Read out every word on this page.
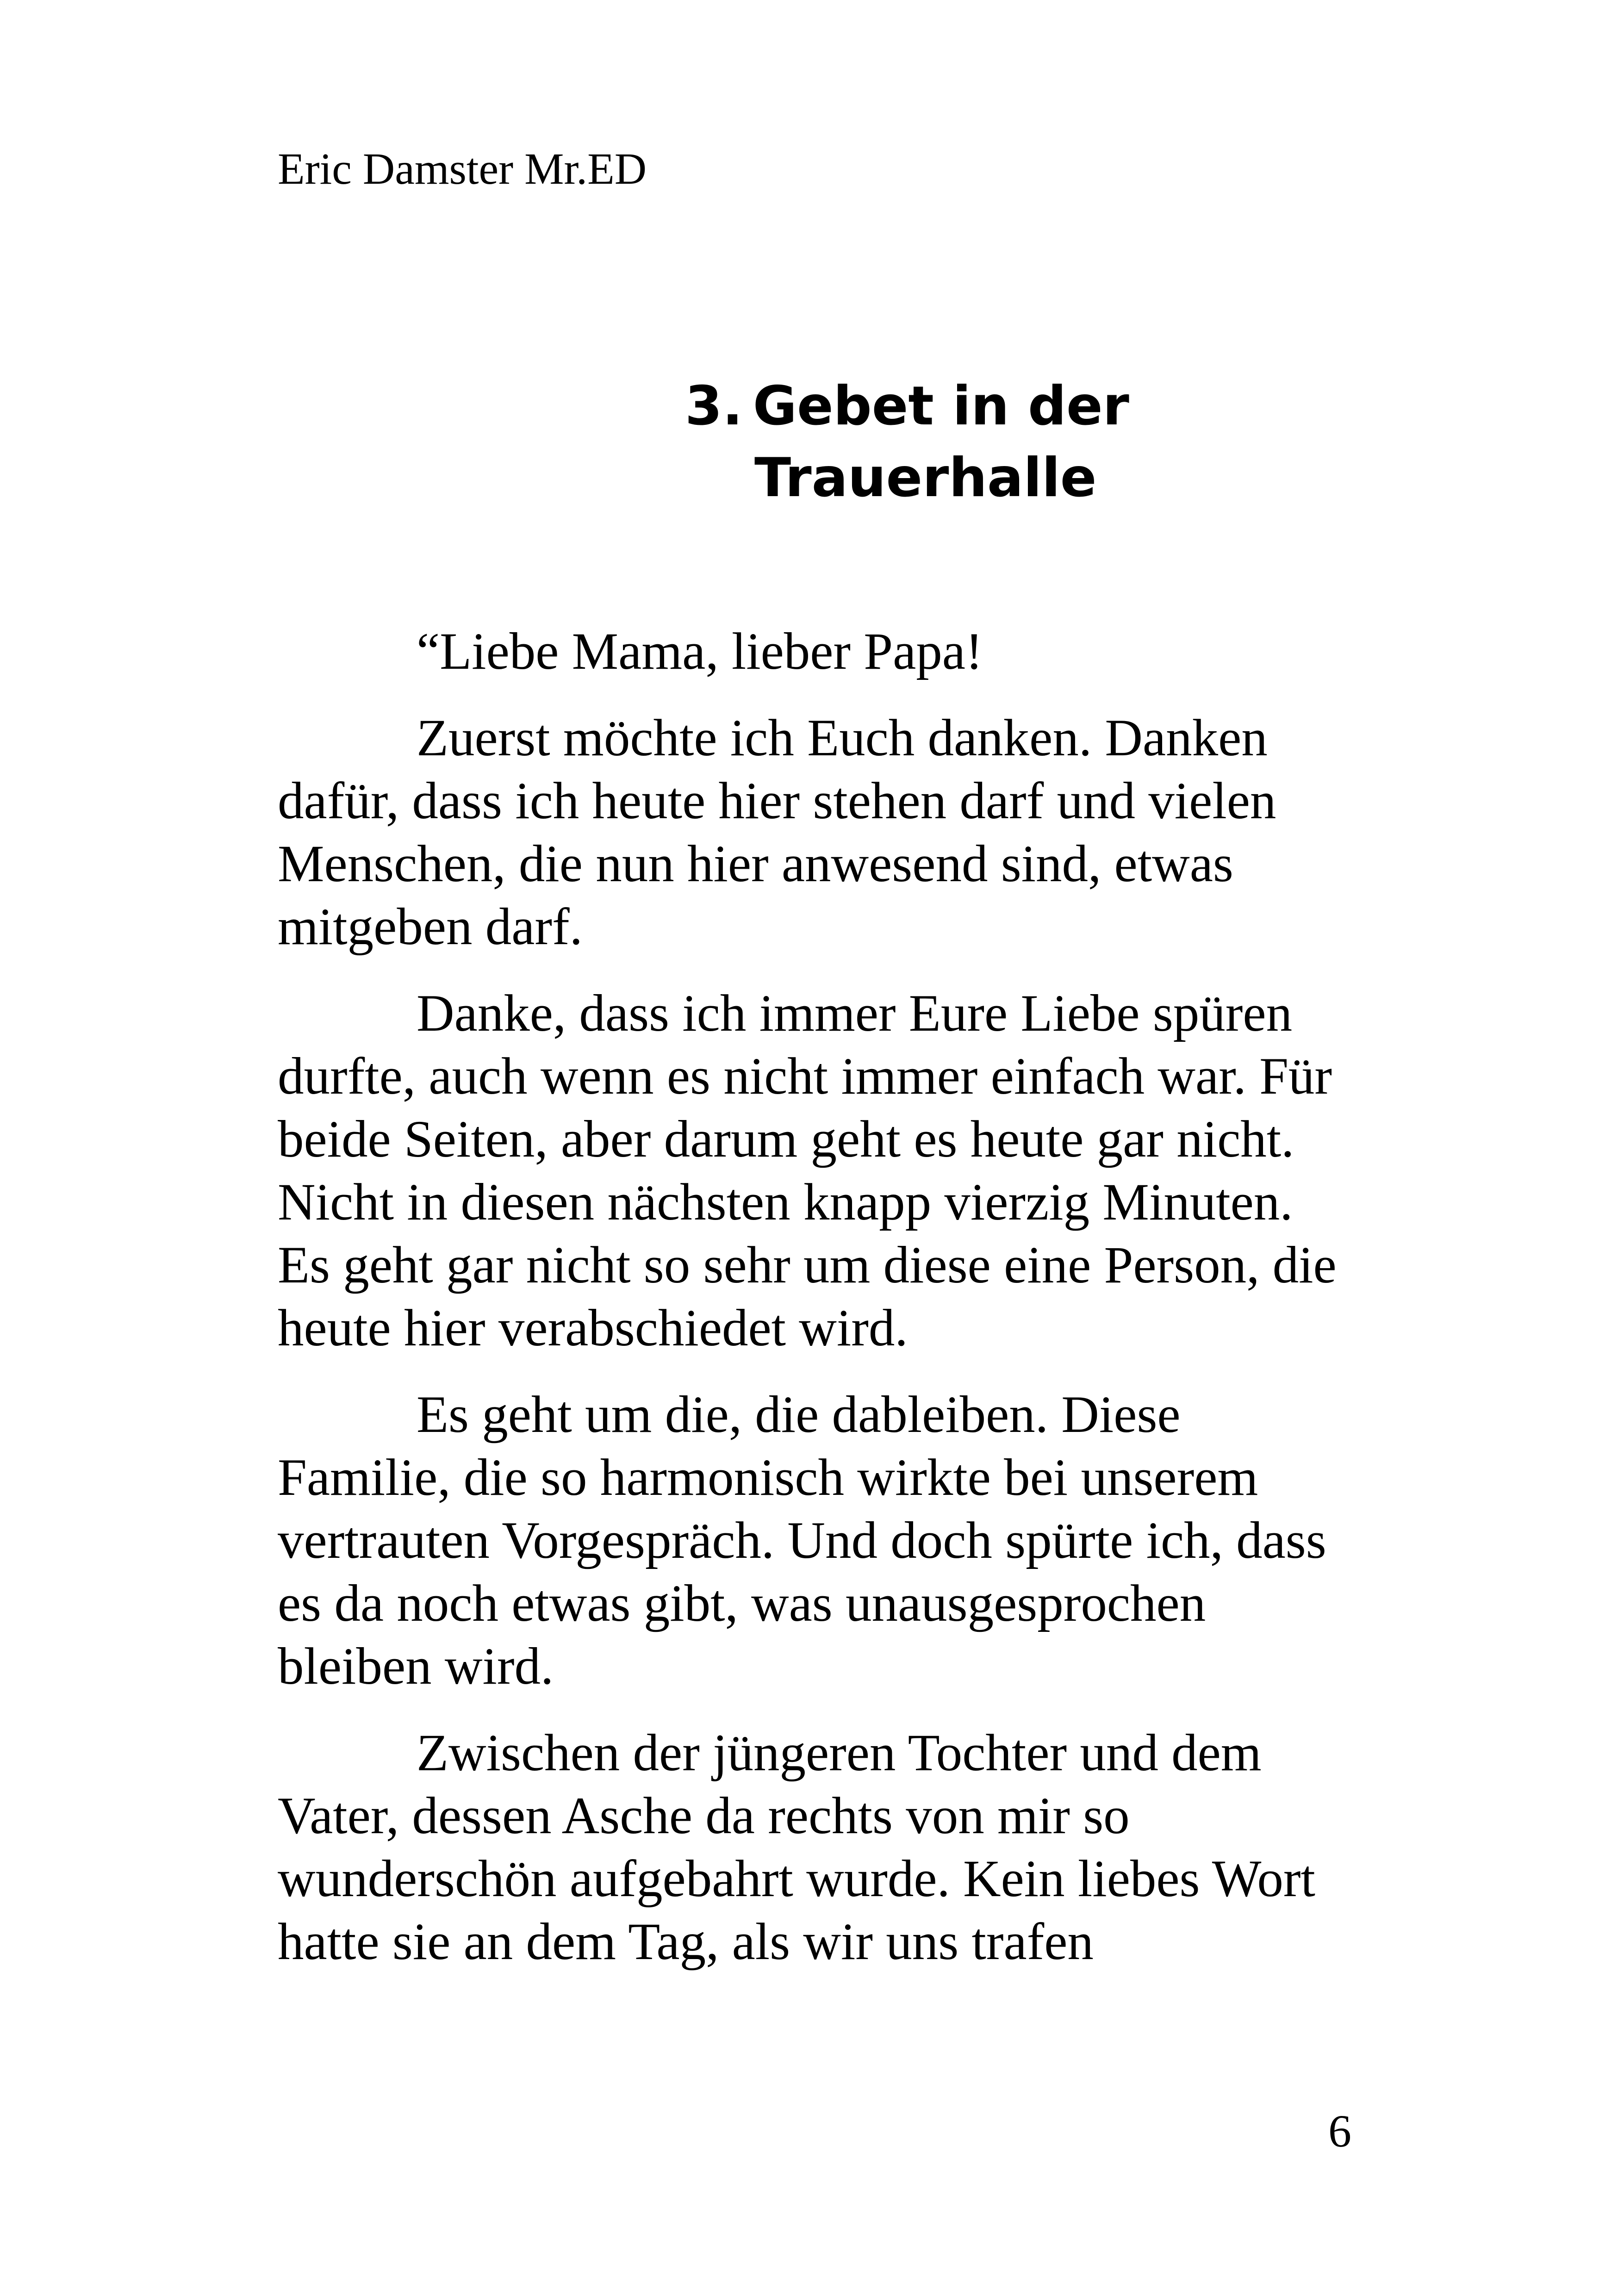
Eric Damster Mr.ED
3. Gebet in der
Trauerhalle

“Liebe Mama, lieber Papa!

Zuerst möchte ich Euch danken. Danken dafür, dass ich heute hier stehen darf und vielen Menschen, die nun hier anwesend sind, etwas mitgeben darf.

Danke, dass ich immer Eure Liebe spüren durfte, auch wenn es nicht immer einfach war. Für beide Seiten, aber darum geht es heute gar nicht. Nicht in diesen nächsten knapp vierzig Minuten. Es geht gar nicht so sehr um diese eine Person, die heute hier verabschiedet wird.

Es geht um die, die dableiben. Diese Familie, die so harmonisch wirkte bei unserem vertrauten Vorgespräch. Und doch spürte ich, dass es da noch etwas gibt, was unausgesprochen bleiben wird.

Zwischen der jüngeren Tochter und dem Vater, dessen Asche da rechts von mir so wunderschön aufgebahrt wurde. Kein liebes Wort hatte sie an dem Tag, als wir uns trafen

6
